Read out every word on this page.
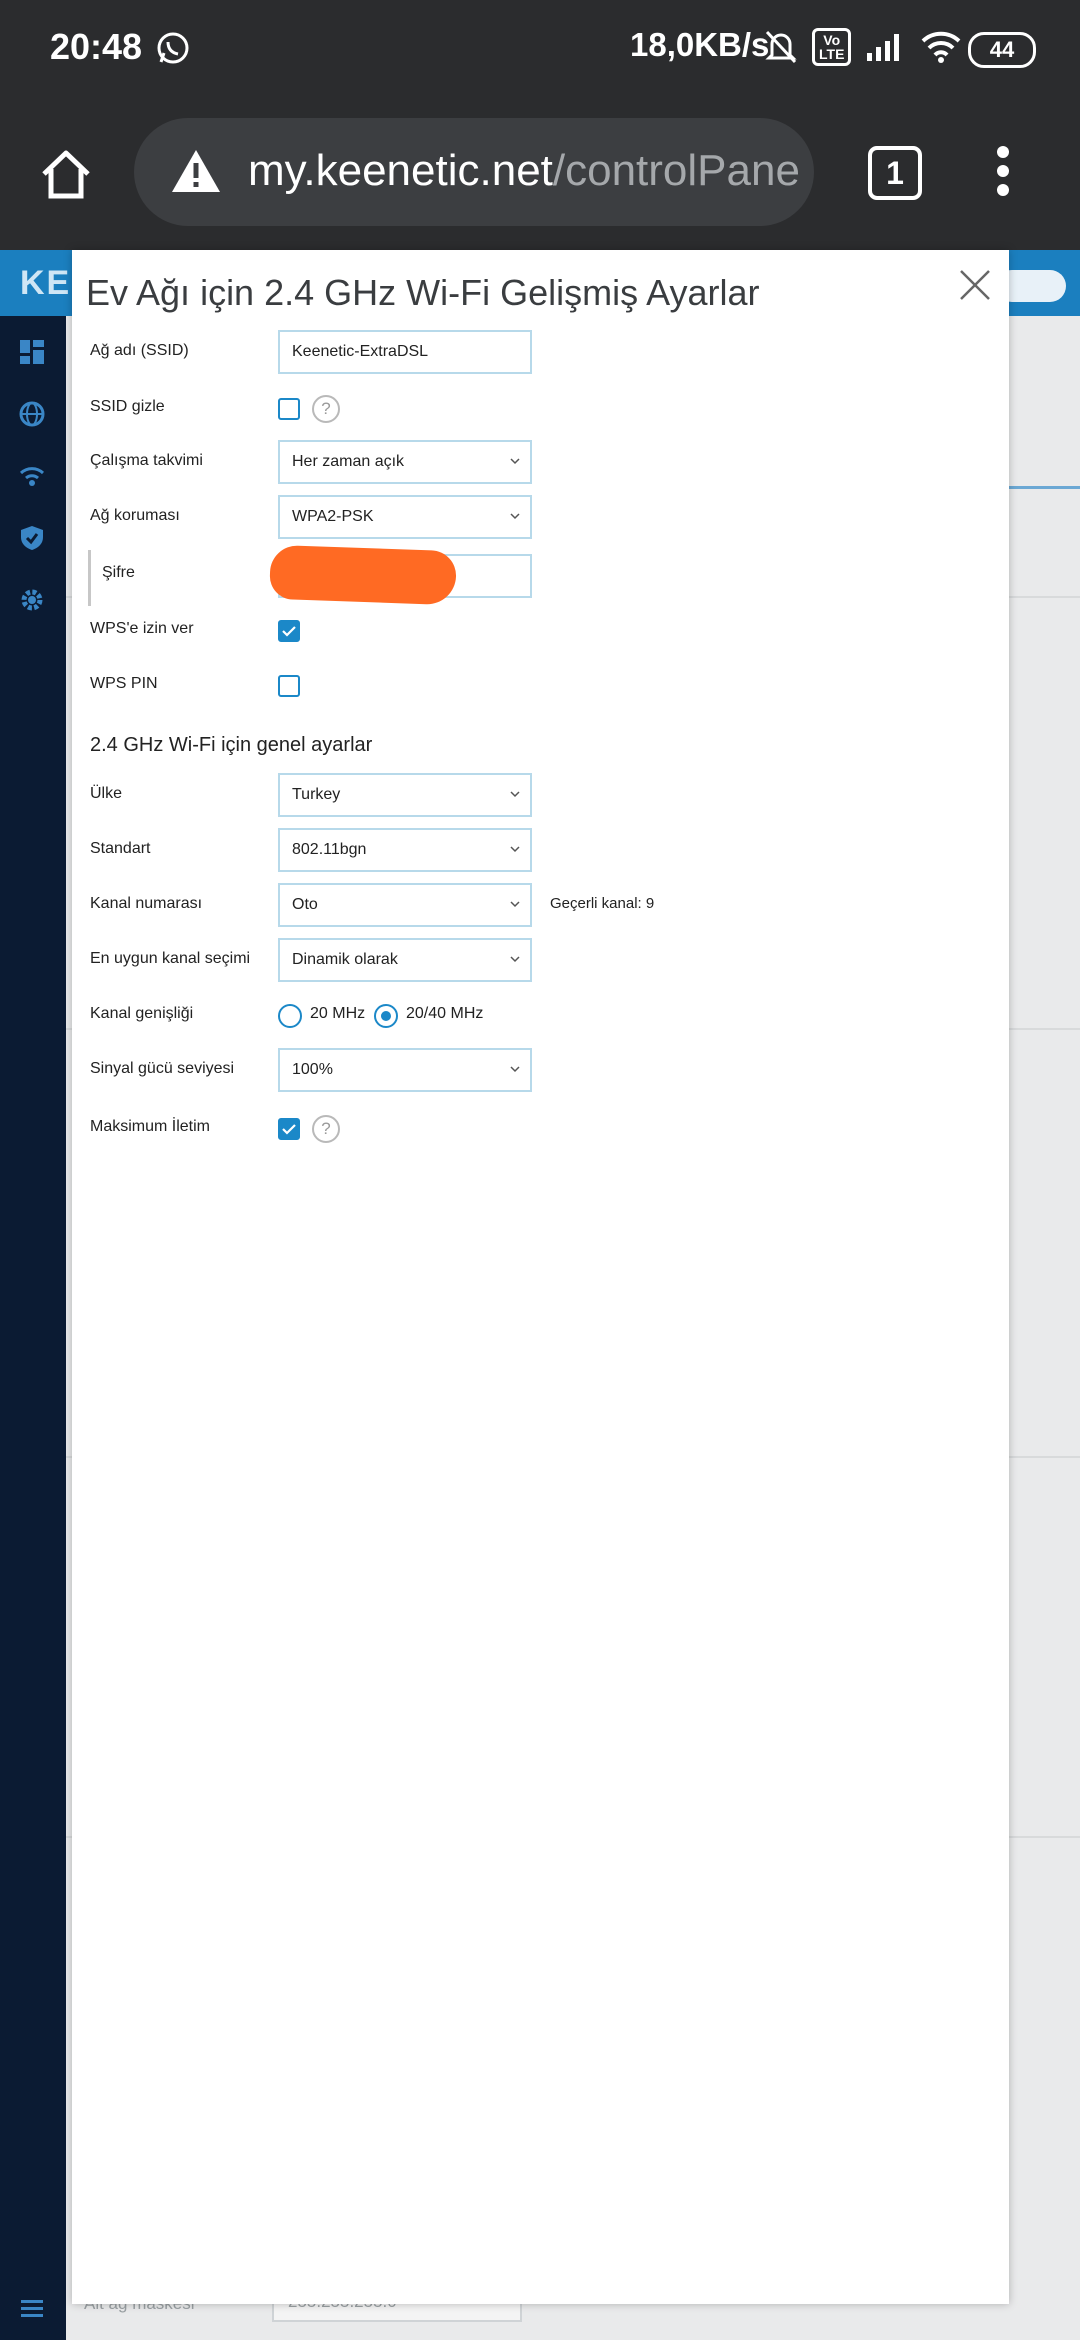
20:48	18,0KB/s	Vo
LTE	44
my.keenetic.net/controlPane	1
KE Ev Ağı için 2.4 GHz Wi-Fi Gelişmiş Ayarlar
Ağ adı (SSID)	Keenetic-ExtraDSL
SSID gizle	?
Çalışma takvimi	Her zaman açık
Ağ koruması	WPA2-PSK
Şifre
WPS'e izin ver
WPS PIN
2.4 GHz Wi-Fi için genel ayarlar
Ülke	Turkey
Standart	802.11bgn
Kanal numarası	Oto	Geçerli kanal: 9
En uygun kanal seçimi	Dinamik olarak
Kanal genişliği	20 MHz	20/40 MHz
Sinyal gücü seviyesi	100%
Maksimum İletim	?
